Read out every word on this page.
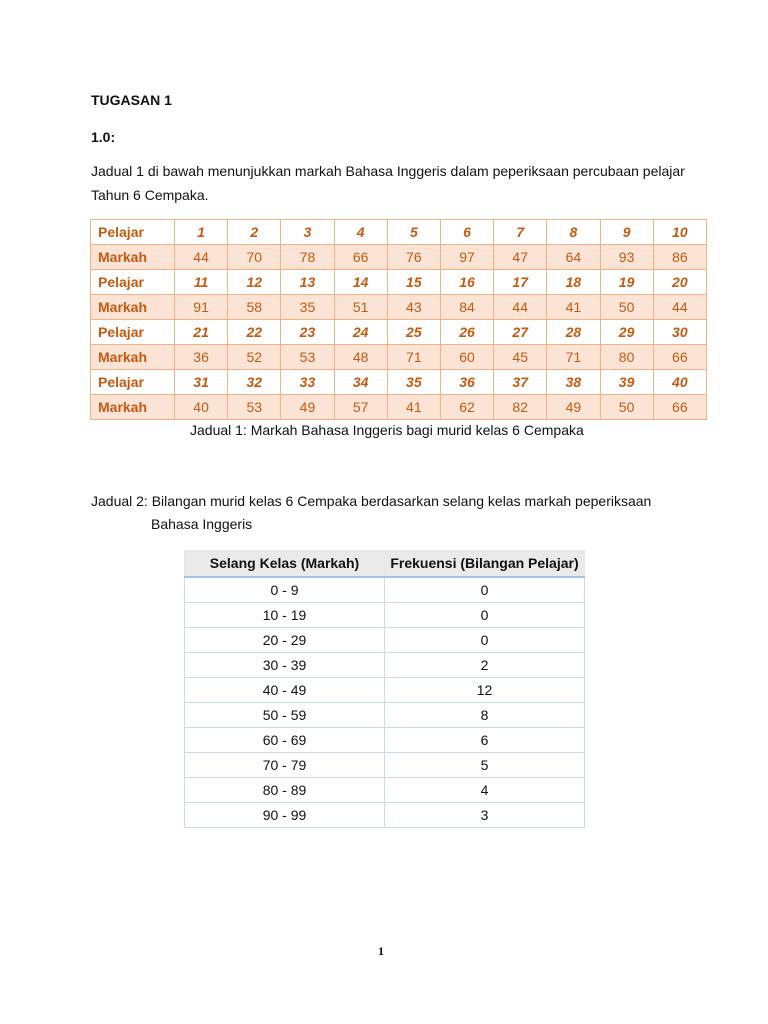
TUGASAN 1

1.0:

Jadual 1 di bawah menunjukkan markah Bahasa Inggeris dalam peperiksaan percubaan pelajar Tahun 6 Cempaka.

Pelajar	1	2	3	4	5	6	7	8	9	10
Markah	44	70	78	66	76	97	47	64	93	86
Pelajar	11	12	13	14	15	16	17	18	19	20
Markah	91	58	35	51	43	84	44	41	50	44
Pelajar	21	22	23	24	25	26	27	28	29	30
Markah	36	52	53	48	71	60	45	71	80	66
Pelajar	31	32	33	34	35	36	37	38	39	40
Markah	40	53	49	57	41	62	82	49	50	66

Jadual 1: Markah Bahasa Inggeris bagi murid kelas 6 Cempaka

Jadual 2: Bilangan murid kelas 6 Cempaka berdasarkan selang kelas markah peperiksaan

Bahasa Inggeris

Selang Kelas (Markah)	Frekuensi (Bilangan Pelajar)
0 - 9	0
10 - 19	0
20 - 29	0
30 - 39	2
40 - 49	12
50 - 59	8
60 - 69	6
70 - 79	5
80 - 89	4
90 - 99	3

1
